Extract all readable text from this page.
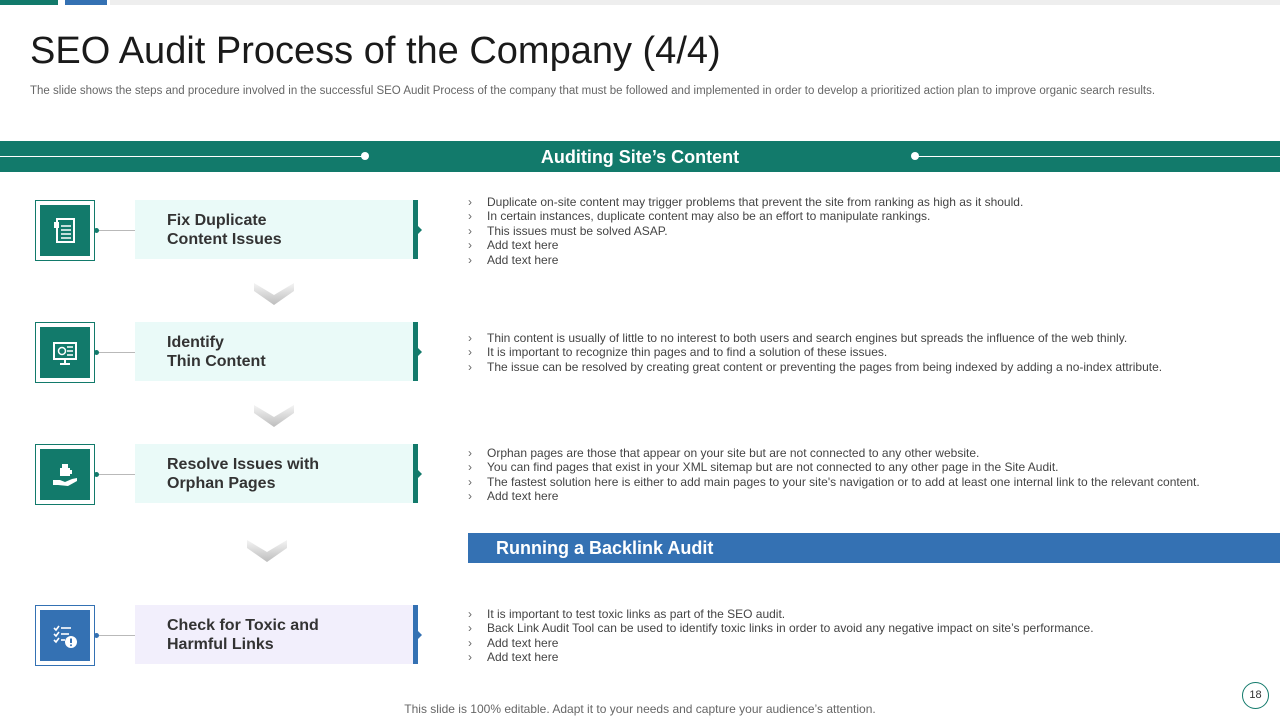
SEO Audit Process of the Company (4/4)
The slide shows the steps and procedure involved in the successful SEO Audit Process of the company that must be followed and implemented in order to develop a prioritized action plan to improve organic search results.
Auditing Site’s Content
Fix Duplicate
Content Issues
› Duplicate on-site content may trigger problems that prevent the site from ranking as high as it should.
› In certain instances, duplicate content may also be an effort to manipulate rankings.
› This issues must be solved ASAP.
› Add text here
› Add text here
Identify
Thin Content
› Thin content is usually of little to no interest to both users and search engines but spreads the influence of the web thinly.
› It is important to recognize thin pages and to find a solution of these issues.
› The issue can be resolved by creating great content or preventing the pages from being indexed by adding a no-index attribute.
Resolve Issues with
Orphan Pages
› Orphan pages are those that appear on your site but are not connected to any other website.
› You can find pages that exist in your XML sitemap but are not connected to any other page in the Site Audit.
› The fastest solution here is either to add main pages to your site's navigation or to add at least one internal link to the relevant content.
› Add text here
Running a Backlink Audit
Check for Toxic and
Harmful Links
› It is important to test toxic links as part of the SEO audit.
› Back Link Audit Tool can be used to identify toxic links in order to avoid any negative impact on site’s performance.
› Add text here
› Add text here
This slide is 100% editable. Adapt it to your needs and capture your audience’s attention.
18
